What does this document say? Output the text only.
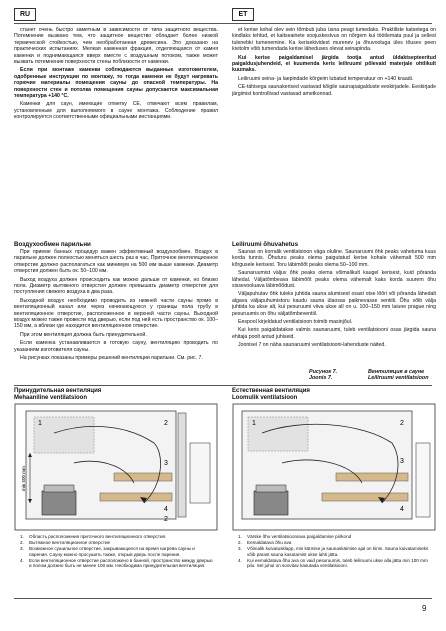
RU	ET

станет очень быстро заметным в зависимости от типа защитного вещества. Потемнение вызвано тем, что защитное вещество обладает более низкой термической стойкостью, чем необработанная древесина. Это доказано на практических испытаниях. Мелкая каменная фракция, отделяющаяся от камня каменки и поднимающаяся вверх вместе с воздушным потоком, также может вызвать потемнение поверхности стены поблизости от каменки.

Если при монтаже каменки соблюдаются выданные изготовителем, одобренные инструкции по монтажу, то тогда каменки не будут нагревать горючие материалы помещения сауны до опасной температуры. На поверхности стен и потолка помещения сауны допускается максимальная температура +140 °С.

Каменки для саун, имеющие отметку СЕ, отвечают всем правилам, установленным для выполняемого в сауне монтажа. Соблюдение правил контролируется соответственными официальными инстанциями.

et kerise kohal olev sein tõmbub juba üsna peagi tumedaks. Praktiliste katsetega on kindlaks tehtud, et kaitseainete soojuskestvus on nõrgem kui töötlemata puul ja sellest tulenebki tumenemine. Ka kerisekividest murenev ja õhuvooluga üles tõusev peen kivitolm võib tumendada kerise läheduses olevat seinapinda.

Kui kerise paigaldamisel järgida tootja antud üldaktsepteeritud paigaldusjuhendeid, ei kuumenda keris leiliruumi põlevaid materjale ohtlikult kuumaks.

Leiliruumi seina- ja laepindade kõrgeim lubatud temperatuur on +140 kraadi.

CE-tähisega saunakerised vastavad kõigile saunapaigalduste eeskirjadele. Eeskirjade järgimist kontrollivad vastavad ametkonnad.

Воздухообмен парильни

При приеме банных процедур важен эффективный воздухообмен. Воздух в парильне должен полностью меняться шесть раз в час. Приточное вентиляционное отверстие должно располагаться как минимум на 500 мм выше каменки. Диаметр отверстия должен быть ок. 50–100 мм.

Выход воздуха должен происходить как можно дальше от каменки, но близко пола. Диаметр вытяжного отверстия должен превышать диаметр отверстия для поступления свежего воздуха в два раза.

Выходной воздух необходимо проводить из нижней части сауны прямо в вентиляционный канал или через начинающуюся у границы пола трубу в вентиляционное отверстие, расположенное в верхней части сауны. Выходной воздух можно также провести под дверью, если под ней есть пространство ок. 100–150 мм, а вблизи где находится вентиляционное отверстие.

При этом вентиляция должна быть принудительной.

Если каменка устанавливается в готовую сауну, вентиляцию проводить по указаниям изготовителя сауны.

На рисунках показаны примеры решений вентиляции парильни. См. рис. 7.

Leiliruumi õhuvahetus

Saunas on korralik ventilatsioon väga oluline. Saunaruumi õhk peaks vahetuma kuus korda tunnis. Õhuturu peaks olema paigutatud kerise kohale vähemalt 500 mm kõrgusele kerisest. Toru läbimõõt peaks olema 50–100 mm.

Saunaruumist väljuv õhk peaks olema võimalikult kaugel kerisest, kuid põranda lähedal. Väljatõmbeava läbimõõt peaks olema vähemalt kaks korda suurem õhu sissevooluava läbimõõdust.

Väljapuhutav õhk tuleks juhtida sauna alumisest osast otse lõõri või põranda lähedalt algava väljapuhumistoru kaudu sauna ülaosas paiknevasse ventiili. Õhu võib välja juhtida ka ukse alt, kui pesuruumi viiva ukse all on u. 100–150 mm laiune prague ning pesuruumis on õhu väljatõmbeventiil.

Eespool kirjeldatud ventilatsioon toimib masinjõul.

Kui keris paigaldatakse valmis saunaruumi, tuleb ventilatsiooni osas järgida sauna ehitaja poolt antud juhiseid.

Joonisel 7 on näha saunaruumi ventilatsiooni-lahenduste näited.

Рисунок 7.
Joonis 7.
Вентиляция в сауне
Leiliruumi ventilatsioon
Принудительная вентиляция
Mehaaniline ventilatsioon
Естественная вентиляция
Loomulik ventilatsioon
1	2
3
4
2
min 500 mm
1	2
3
4
1.	Область расположения приточного вентиляционного отверстия.
2.	Вытяжное вентиляционное отверстие
3.	Возможное сушильное отверстие, закрывающееся на время нагрева сауны и парения. Сауну можно просушить также, открыв дверь после парения.
4.	Если вентиляционное отверстие расположено в банной, пространство между дверью и полом должно быть не менее 100 мм. Необходима принудительная вентиляция.
1.	Värske õhu ventilatsiooniava paigaldamise piirkond
2.	Eemaldatava õhu ava
3.	Võimalik kuivatusklapp, mis kütmise ja saunaskäimise ajal on kinni. Sauna kuivatamiseks võib pärast sauna kasutamist ukse lahti jätta.
4.	Kui eemaldatava õhu ava on vaid pesuruumis, tuleb leiliruumi ukse alla jätta min 100 mm pilu. Sel juhul on soovitav kasutada ventilatsiooni.
9
